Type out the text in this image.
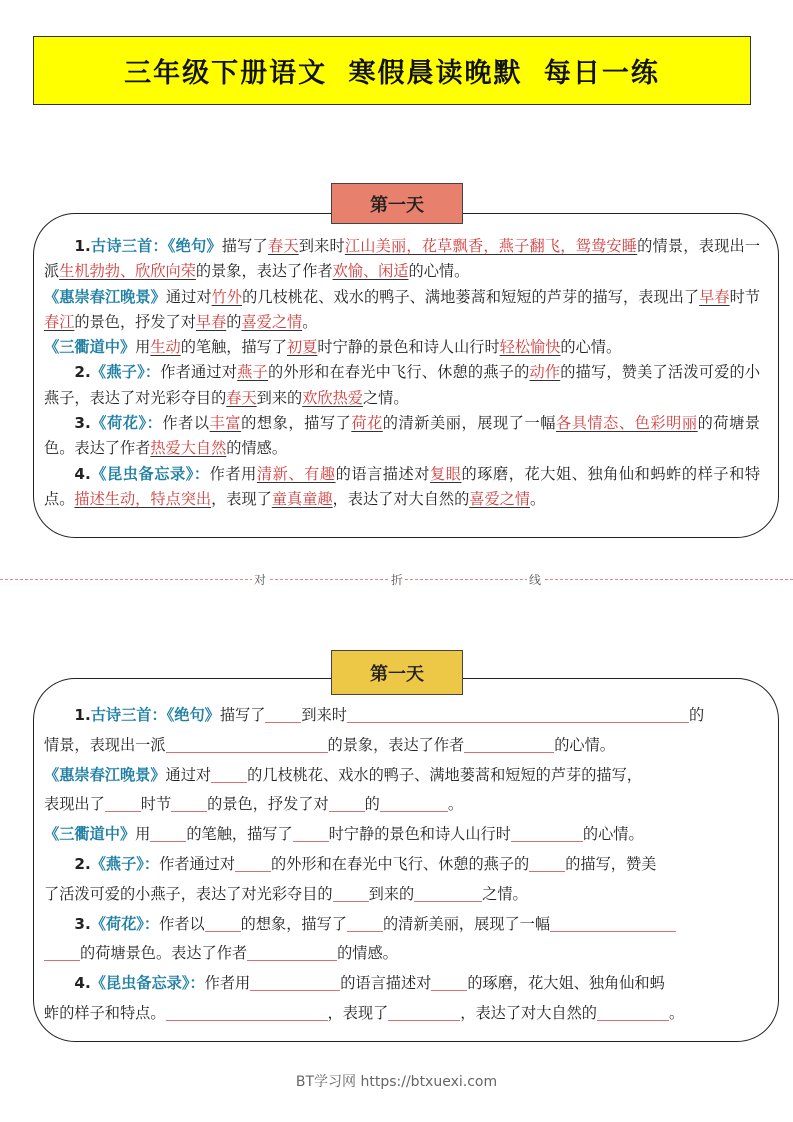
三年级下册语文 寒假晨读晚默 每日一练
第一天
1.古诗三首：《绝句》描写了春天到来时江山美丽，花草飘香，燕子翻飞，鸳鸯安睡的情景，表现出一派生机勃勃、欣欣向荣的景象，表达了作者欢愉、闲适的心情。
《惠崇春江晚景》通过对竹外的几枝桃花、戏水的鸭子、满地蒌蒿和短短的芦芽的描写，表现出了早春时节春江的景色，抒发了对早春的喜爱之情。
《三衢道中》用生动的笔触，描写了初夏时宁静的景色和诗人山行时轻松愉快的心情。
2.《燕子》：作者通过对燕子的外形和在春光中飞行、休憩的燕子的动作的描写，赞美了活泼可爱的小燕子，表达了对光彩夺目的春天到来的欢欣热爱之情。
3.《荷花》：作者以丰富的想象，描写了荷花的清新美丽，展现了一幅各具情态、色彩明丽的荷塘景色。表达了作者热爱大自然的情感。
4.《昆虫备忘录》：作者用清新、有趣的语言描述对复眼的琢磨，花大姐、独角仙和蚂蚱的样子和特点。描述生动，特点突出，表现了童真童趣，表达了对大自然的喜爱之情。
对	折	线
第一天
1.古诗三首：《绝句》描写了 到来时	的
情景，表现出一派	的景象，表达了作者	的心情。
《惠崇春江晚景》通过对 的几枝桃花、戏水的鸭子、满地蒌蒿和短短的芦芽的描写，
表现出了 时节 的景色，抒发了对 的	。
《三衢道中》用 的笔触，描写了 时宁静的景色和诗人山行时	的心情。
2.《燕子》：作者通过对 的外形和在春光中飞行、休憩的燕子的 的描写，赞美
了活泼可爱的小燕子，表达了对光彩夺目的 到来的	之情。
3.《荷花》：作者以 的想象，描写了 的清新美丽，展现了一幅
的荷塘景色。表达了作者	的情感。
4.《昆虫备忘录》：作者用	的语言描述对 的琢磨，花大姐、独角仙和蚂
蚱的样子和特点。	，表现了	，表达了对大自然的	。
BT学习网 https://btxuexi.com
